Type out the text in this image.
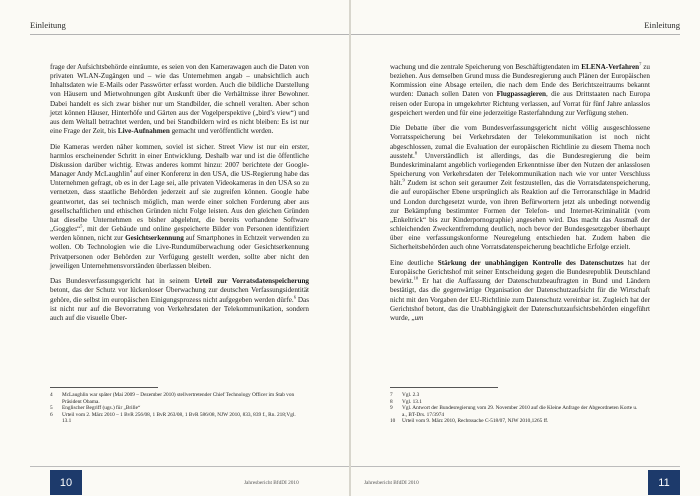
Einleitung

frage der Aufsichtsbehörde einräumte, es seien von den Kamerawagen auch die Daten von privaten WLAN-Zugängen und – wie das Unternehmen angab – unabsichtlich auch Inhaltsdaten wie E-Mails oder Passwörter erfasst worden. Auch die bildliche Darstellung von Häusern und Mietwohnungen gibt Auskunft über die Verhältnisse ihrer Bewohner. Dabei handelt es sich zwar bisher nur um Standbilder, die schnell veralten. Aber schon jetzt können Häuser, Hinterhöfe und Gärten aus der Vogelperspektive („bird’s view“) und aus dem Weltall betrachtet werden, und bei Standbildern wird es nicht bleiben: Es ist nur eine Frage der Zeit, bis Live-Aufnahmen gemacht und veröffentlicht werden.

Die Kameras werden näher kommen, soviel ist sicher. Street View ist nur ein erster, harmlos erscheinender Schritt in einer Entwicklung. Deshalb war und ist die öffentliche Diskussion darüber wichtig. Etwas anderes kommt hinzu: 2007 berichtete der Google-Manager Andy McLaughlin$^4$ auf einer Konferenz in den USA, die US-Regierung habe das Unternehmen gefragt, ob es in der Lage sei, alle privaten Videokameras in den USA so zu vernetzen, dass staatliche Behörden jederzeit auf sie zugreifen können. Google habe geantwortet, das sei technisch möglich, man werde einer solchen Forderung aber aus gesellschaftlichen und ethischen Gründen nicht Folge leisten. Aus den gleichen Gründen hat dieselbe Unternehmen es bisher abgelehnt, die bereits vorhandene Software „Goggles“$^5$, mit der Gebäude und online gespeicherte Bilder von Personen identifiziert werden können, nicht zur Gesichtserkennung auf Smartphones in Echtzeit verwenden zu wollen. Ob Technologien wie die Live-Rundumüberwachung oder Gesichtserkennung Privatpersonen oder Behörden zur Verfügung gestellt werden, sollte aber nicht den jeweiligen Unternehmensvorständen überlassen bleiben.

Das Bundesverfassungsgericht hat in seinem Urteil zur Vorratsdatenspeicherung betont, das der Schutz vor lückenloser Überwachung zur deutschen Verfassungsidentität gehöre, die selbst im europäischen Einigungsprozess nicht aufgegeben werden dürfe.$^6$ Das ist nicht nur auf die Bevorratung von Verkehrsdaten der Telekommunikation, sondern auch auf die visuelle Über-

4	McLaughlin war später (Mai 2009 – Dezember 2010) stellvertretender Chief Technology Officer im Stab von Präsident Obama.
5	Englischer Begriff (ugs.) für „Brille“
6	Urteil vom 2. März 2010 – 1 BvR 256/08, 1 BvR 263/08, 1 BvR 586/08, NJW 2010, 833, 839 f., Rn. 218;Vgl. 13.1
10	Jahresbericht BfdDI 2010
Einleitung

wachung und die zentrale Speicherung von Beschäftigtendaten im ELENA-Verfahren$^7$ zu beziehen. Aus demselben Grund muss die Bundesregierung auch Plänen der Europäischen Kommission eine Absage erteilen, die nach dem Ende des Berichtszeitraums bekannt wurden: Danach sollen Daten von Flugpassagieren, die aus Drittstaaten nach Europa reisen oder Europa in umgekehrter Richtung verlassen, auf Vorrat für fünf Jahre anlasslos gespeichert werden und für eine jederzeitige Rasterfahndung zur Verfügung stehen.

Die Debatte über die vom Bundesverfassungsgericht nicht völlig ausgeschlossene Vorratsspeicherung bei Verkehrsdaten der Telekommunikation ist noch nicht abgeschlossen, zumal die Evaluation der europäischen Richtlinie zu diesem Thema noch aussteht.$^8$ Unverständlich ist allerdings, das die Bundesregierung die beim Bundeskriminalamt angeblich vorliegenden Erkenntnisse über den Nutzen der anlasslosen Speicherung von Verkehrsdaten der Telekommunikation nach wie vor unter Verschluss hält.$^9$ Zudem ist schon seit geraumer Zeit festzustellen, das die Vorratsdatenspeicherung, die auf europäischer Ebene ursprünglich als Reaktion auf die Terroranschläge in Madrid und London durchgesetzt wurde, von ihren Befürwortern jetzt als unbedingt notwendig zur Bekämpfung bestimmter Formen der Telefon- und Internet-Kriminalität (vom „Enkeltrick“ bis zur Kinderpornographie) angesehen wird. Das macht das Ausmaß der schleichenden Zweckentfremdung deutlich, noch bevor der Bundesgesetzgeber überhaupt über eine verfassungskonforme Neuregelung entschieden hat. Zudem haben die Sicherheitsbehörden auch ohne Vorratsdatenspeicherung beachtliche Erfolge erzielt.

Eine deutliche Stärkung der unabhängigen Kontrolle des Datenschutzes hat der Europäische Gerichtshof mit seiner Entscheidung gegen die Bundesrepublik Deutschland bewirkt.$^{10}$ Er hat die Auffassung der Datenschutzbeauftragten in Bund und Ländern bestätigt, das die gegenwärtige Organisation der Datenschutzaufsicht für die Wirtschaft nicht mit den Vorgaben der EU-Richtlinie zum Datenschutz vereinbar ist. Zugleich hat der Gerichtshof betont, das die Unabhängigkeit der Datenschutzaufsichtsbehörden eingeführt wurde, „um

7	Vgl. 2.3
8	Vgl. 13.1
9	Vgl. Antwort der Bundesregierung vom 29. November 2010 auf die Kleine Anfrage der Abgeordneten Korte u. a., BT-Drs. 17/3974
10	Urteil vom 9. März 2010, Rechtssache C-518/07, NJW 2010,1265 ff.
11
Jahresbericht BfdDI 2010
